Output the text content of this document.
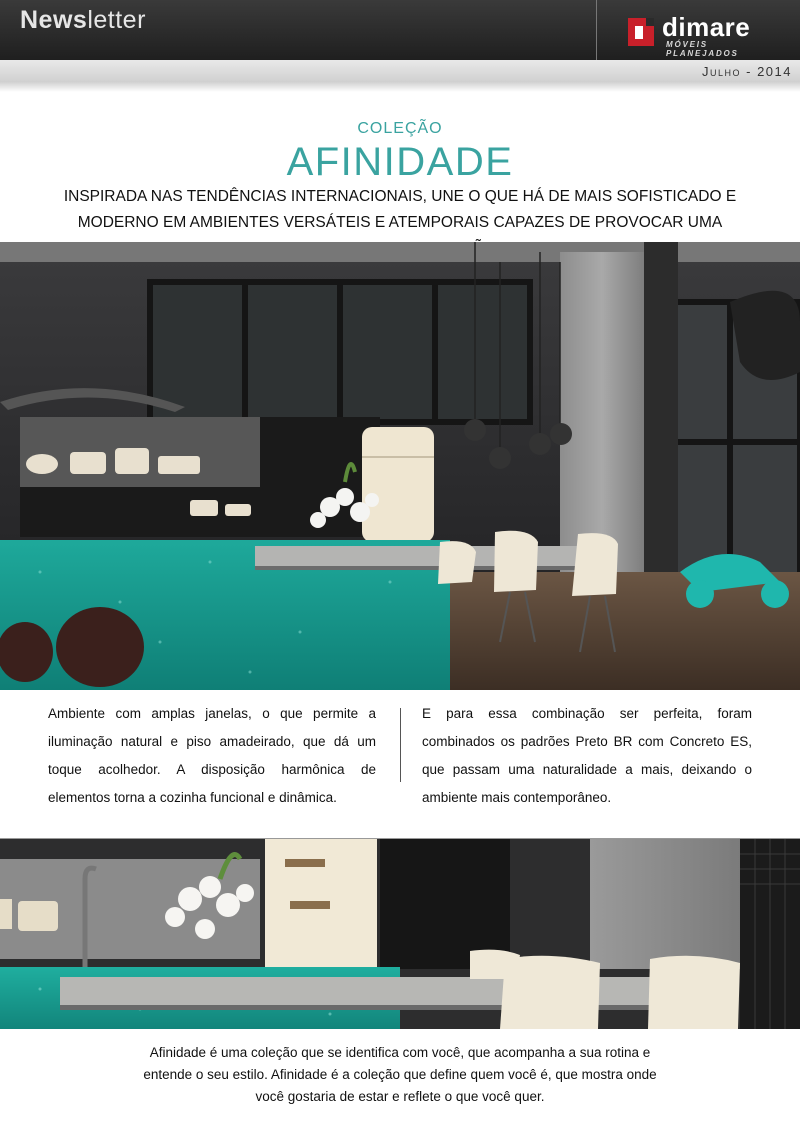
Newsletter	dimare
MÓVEIS PLANEJADOS
Julho - 2014
COLEÇÃO
AFINIDADE
INSPIRADA NAS TENDÊNCIAS INTERNACIONAIS, UNE O QUE HÁ DE MAIS SOFISTICADO E MODERNO EM AMBIENTES VERSÁTEIS E ATEMPORAIS CAPAZES DE PROVOCAR UMA
Ambiente com amplas janelas, o que permite a iluminação natural e piso amadeirado, que dá um toque acolhedor. A disposição harmônica de elementos torna a cozinha funcional e dinâmica.
E para essa combinação ser perfeita, foram combinados os padrões Preto BR com Concreto ES, que passam uma naturalidade a mais, deixando o ambiente mais contemporâneo.
Afinidade é uma coleção que se identifica com você, que acompanha a sua rotina e entende o seu estilo. Afinidade é a coleção que define quem você é, que mostra onde você gostaria de estar e reflete o que você quer.
